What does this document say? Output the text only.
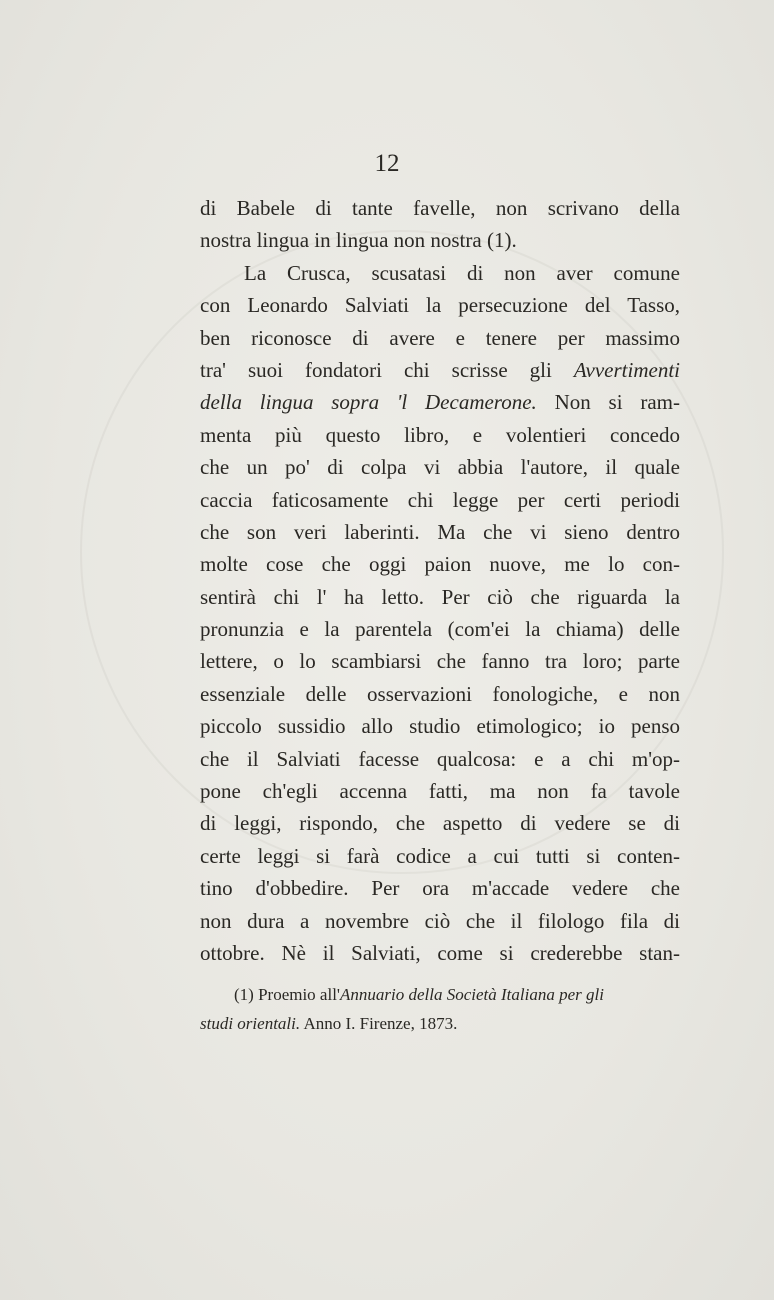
12
di Babele di tante favelle, non scrivano della
nostra lingua in lingua non nostra (1).
La Crusca, scusatasi di non aver comune
con Leonardo Salviati la persecuzione del Tasso,
ben riconosce di avere e tenere per massimo
tra' suoi fondatori chi scrisse gli Avvertimenti
della lingua sopra 'l Decamerone. Non si ram-
menta più questo libro, e volentieri concedo
che un po' di colpa vi abbia l'autore, il quale
caccia faticosamente chi legge per certi periodi
che son veri laberinti. Ma che vi sieno dentro
molte cose che oggi paion nuove, me lo con-
sentirà chi l' ha letto. Per ciò che riguarda la
pronunzia e la parentela (com'ei la chiama) delle
lettere, o lo scambiarsi che fanno tra loro; parte
essenziale delle osservazioni fonologiche, e non
piccolo sussidio allo studio etimologico; io penso
che il Salviati facesse qualcosa: e a chi m'op-
pone ch'egli accenna fatti, ma non fa tavole
di leggi, rispondo, che aspetto di vedere se di
certe leggi si farà codice a cui tutti si conten-
tino d'obbedire. Per ora m'accade vedere che
non dura a novembre ciò che il filologo fila di
ottobre. Nè il Salviati, come si crederebbe stan-
(1) Proemio all'Annuario della Società Italiana per gli
studi orientali. Anno I. Firenze, 1873.
